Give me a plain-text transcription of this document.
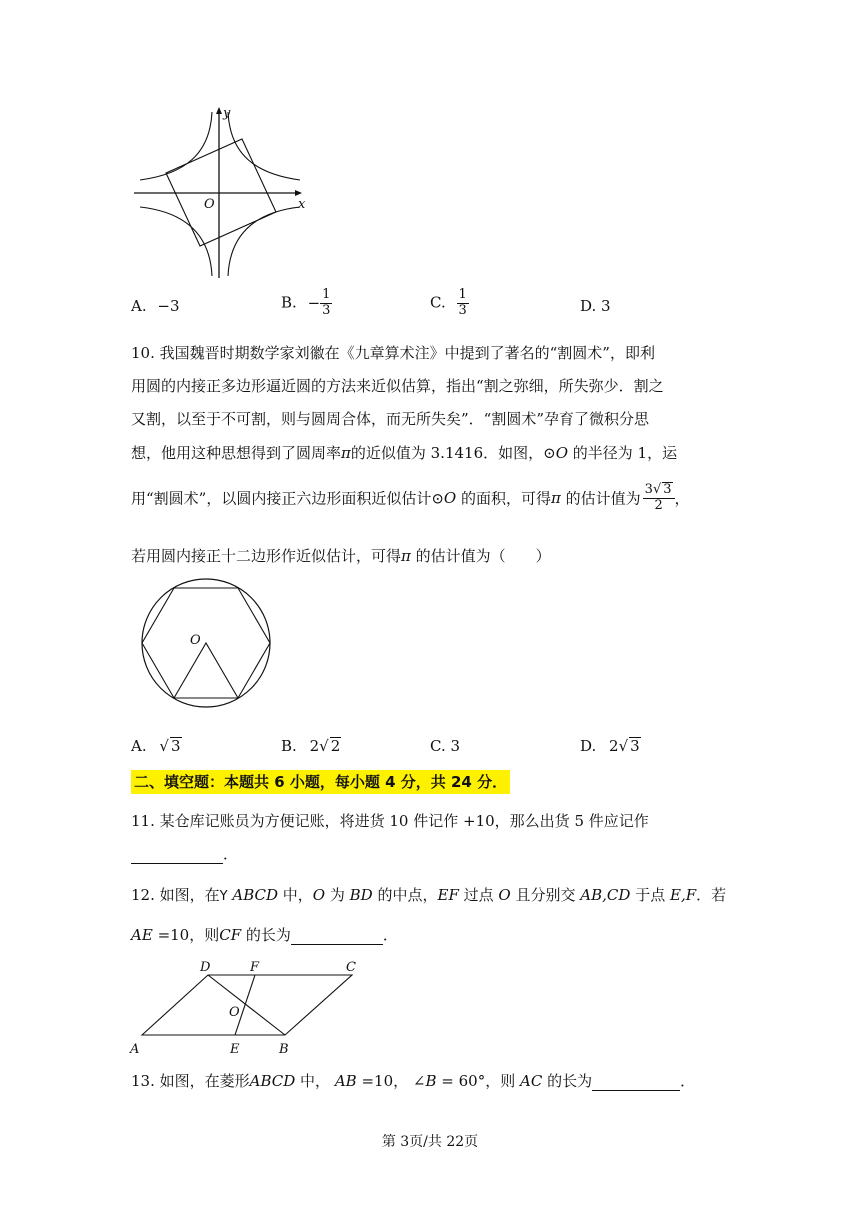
y
x
O
A. −3	B. − $\frac{1}{3}$	C. $\frac{1}{3}$	D. 3
10. 我国魏晋时期数学家刘徽在《九章算术注》中提到了著名的“割圆术”，即利
用圆的内接正多边形逼近圆的方法来近似估算，指出“割之弥细，所失弥少．割之
又割，以至于不可割，则与圆周合体，而无所失矣”．“割圆术”孕育了微积分思
想，他用这种思想得到了圆周率π的近似值为 3.1416．如图，⊙O 的半径为 1，运
用“割圆术”，以圆内接正六边形面积近似估计⊙O 的面积，可得π 的估计值为 $\frac{3√ 3}{2}$ ，
若用圆内接正十二边形作近似估计，可得π 的估计值为（　　）
O
A. √ 3	B. 2√ 2	C. 3	D. 2√ 3
二、填空题：本题共 6 小题，每小题 4 分，共 24 分．
11. 某仓库记账员为方便记账，将进货 10 件记作 +10，那么出货 5 件应记作
．
12. 如图，在Y ABCD 中，O 为 BD 的中点，EF 过点 O 且分别交 AB,CD 于点 E,F．若
AE =10，则CF 的长为	．
D	F	C
O
A	E	B
13. 如图，在菱形ABCD 中， AB =10， ∠B = 60°，则 AC 的长为	．
第 3页/共 22页
